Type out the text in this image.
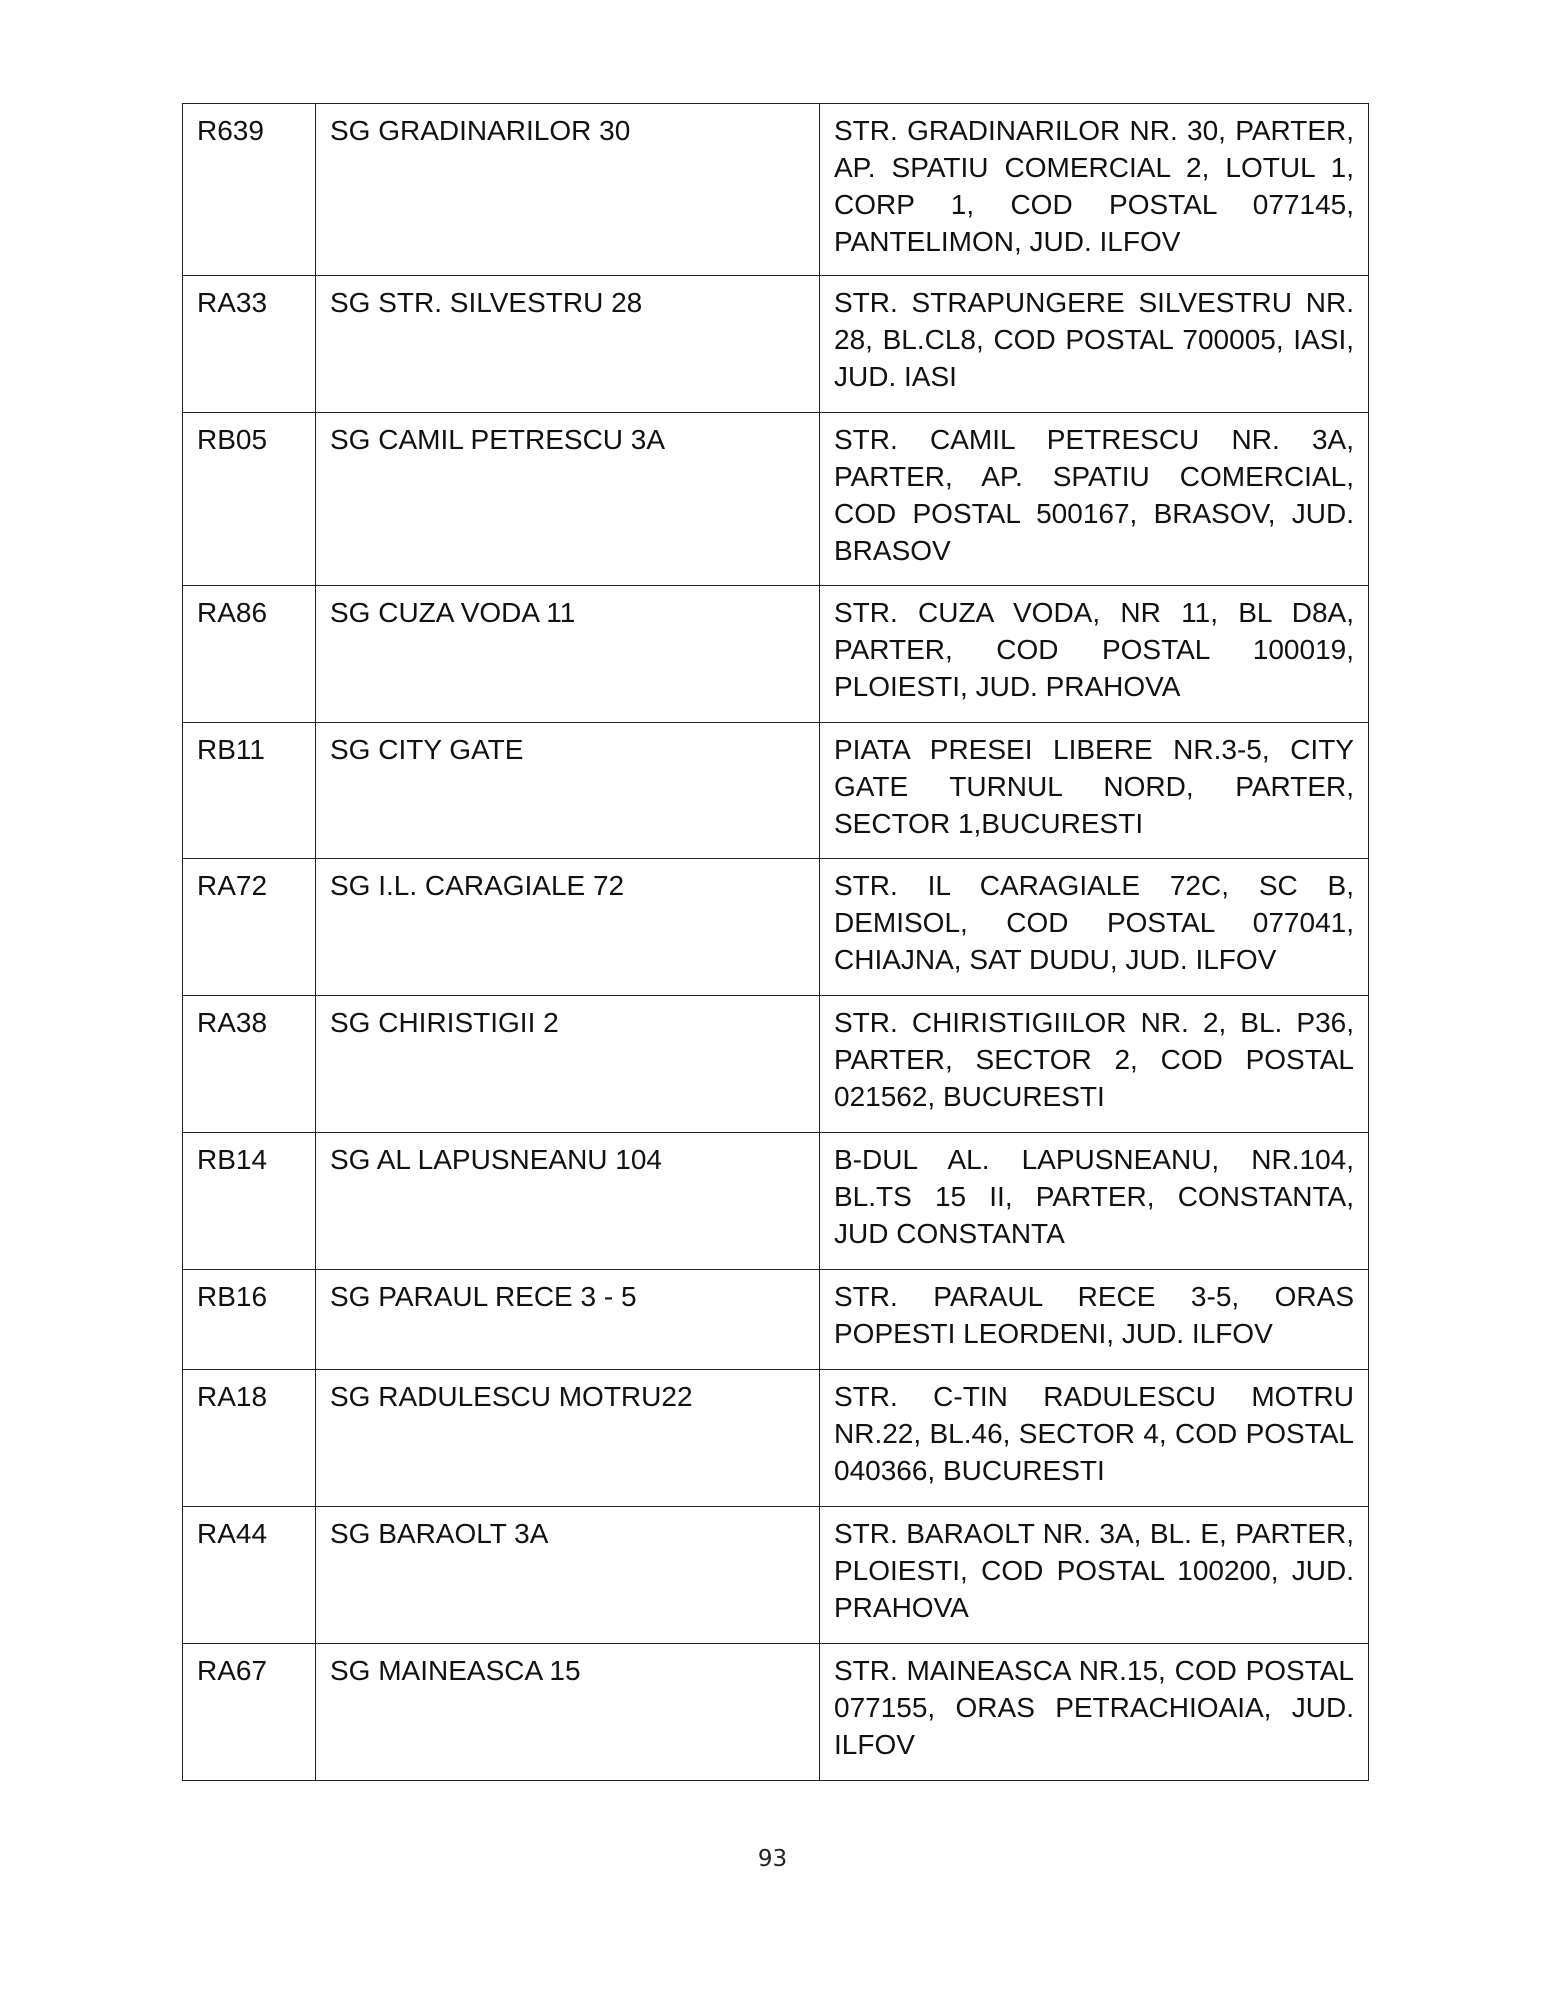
R639	SG GRADINARILOR 30	STR. GRADINARILOR NR. 30, PARTER, AP. SPATIU COMERCIAL 2, LOTUL 1, CORP 1, COD POSTAL 077145, PANTELIMON, JUD. ILFOV
RA33	SG STR. SILVESTRU 28	STR. STRAPUNGERE SILVESTRU NR. 28, BL.CL8, COD POSTAL 700005, IASI, JUD. IASI
RB05	SG CAMIL PETRESCU 3A	STR. CAMIL PETRESCU NR. 3A, PARTER, AP. SPATIU COMERCIAL, COD POSTAL 500167, BRASOV, JUD. BRASOV
RA86	SG CUZA VODA 11	STR. CUZA VODA, NR 11, BL D8A, PARTER, COD POSTAL 100019, PLOIESTI, JUD. PRAHOVA
RB11	SG CITY GATE	PIATA PRESEI LIBERE NR.3-5, CITY GATE TURNUL NORD, PARTER, SECTOR 1,BUCURESTI
RA72	SG I.L. CARAGIALE 72	STR. IL CARAGIALE 72C, SC B, DEMISOL, COD POSTAL 077041, CHIAJNA, SAT DUDU, JUD. ILFOV
RA38	SG CHIRISTIGII 2	STR. CHIRISTIGIILOR NR. 2, BL. P36, PARTER, SECTOR 2, COD POSTAL 021562, BUCURESTI
RB14	SG AL LAPUSNEANU 104	B-DUL AL. LAPUSNEANU, NR.104, BL.TS 15 II, PARTER, CONSTANTA, JUD CONSTANTA
RB16	SG PARAUL RECE 3 - 5	STR. PARAUL RECE 3-5, ORAS POPESTI LEORDENI, JUD. ILFOV
RA18	SG RADULESCU MOTRU22	STR. C-TIN RADULESCU MOTRU NR.22, BL.46, SECTOR 4, COD POSTAL 040366, BUCURESTI
RA44	SG BARAOLT 3A	STR. BARAOLT NR. 3A, BL. E, PARTER, PLOIESTI, COD POSTAL 100200, JUD. PRAHOVA
RA67	SG MAINEASCA 15	STR. MAINEASCA NR.15, COD POSTAL 077155, ORAS PETRACHIOAIA, JUD. ILFOV
93
